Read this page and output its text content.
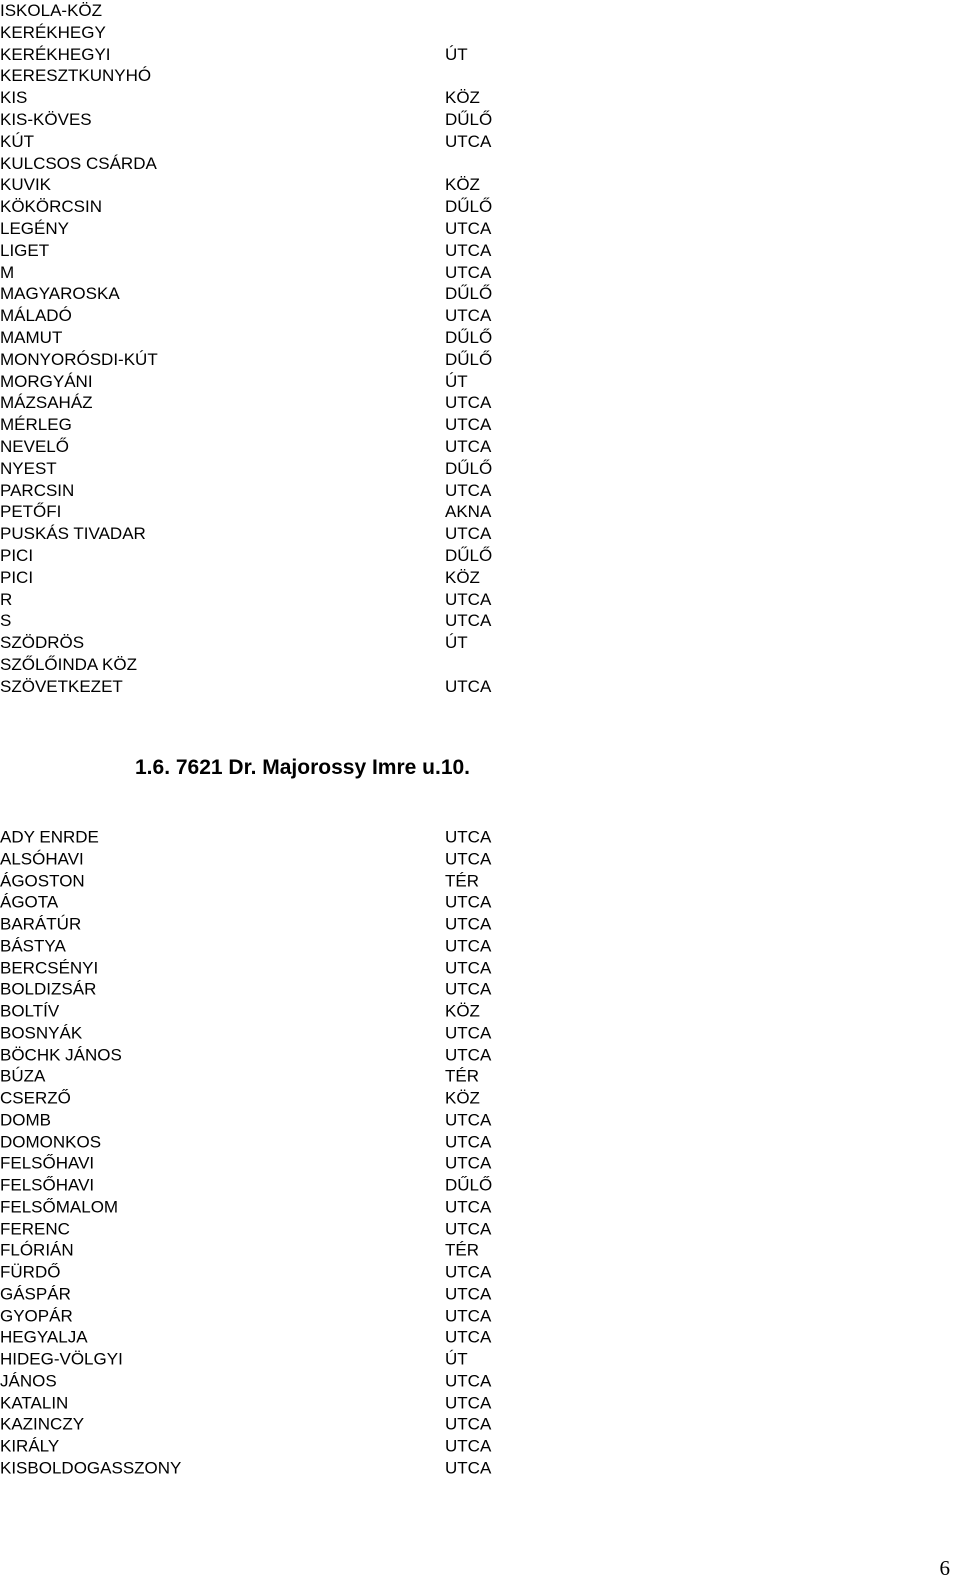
ISKOLA-KÖZ
KERÉKHEGY
KERÉKHEGYI	ÚT
KERESZTKUNYHÓ
KIS	KÖZ
KIS-KÖVES	DŰLŐ
KÚT	UTCA
KULCSOS CSÁRDA
KUVIK	KÖZ
KÖKÖRCSIN	DŰLŐ
LEGÉNY	UTCA
LIGET	UTCA
M	UTCA
MAGYAROSKA	DŰLŐ
MÁLADÓ	UTCA
MAMUT	DŰLŐ
MONYORÓSDI-KÚT	DŰLŐ
MORGYÁNI	ÚT
MÁZSAHÁZ	UTCA
MÉRLEG	UTCA
NEVELŐ	UTCA
NYEST	DŰLŐ
PARCSIN	UTCA
PETŐFI	AKNA
PUSKÁS TIVADAR	UTCA
PICI	DŰLŐ
PICI	KÖZ
R	UTCA
S	UTCA
SZÖDRÖS	ÚT
SZŐLŐINDA KÖZ
SZÖVETKEZET	UTCA
1.6. 7621 Dr. Majorossy Imre u.10.
ADY ENRDE	UTCA
ALSÓHAVI	UTCA
ÁGOSTON	TÉR
ÁGOTA	UTCA
BARÁTÚR	UTCA
BÁSTYA	UTCA
BERCSÉNYI	UTCA
BOLDIZSÁR	UTCA
BOLTÍV	KÖZ
BOSNYÁK	UTCA
BÖCHK JÁNOS	UTCA
BÚZA	TÉR
CSERZŐ	KÖZ
DOMB	UTCA
DOMONKOS	UTCA
FELSŐHAVI	UTCA
FELSŐHAVI	DŰLŐ
FELSŐMALOM	UTCA
FERENC	UTCA
FLÓRIÁN	TÉR
FÜRDŐ	UTCA
GÁSPÁR	UTCA
GYOPÁR	UTCA
HEGYALJA	UTCA
HIDEG-VÖLGYI	ÚT
JÁNOS	UTCA
KATALIN	UTCA
KAZINCZY	UTCA
KIRÁLY	UTCA
KISBOLDOGASSZONY	UTCA
6
